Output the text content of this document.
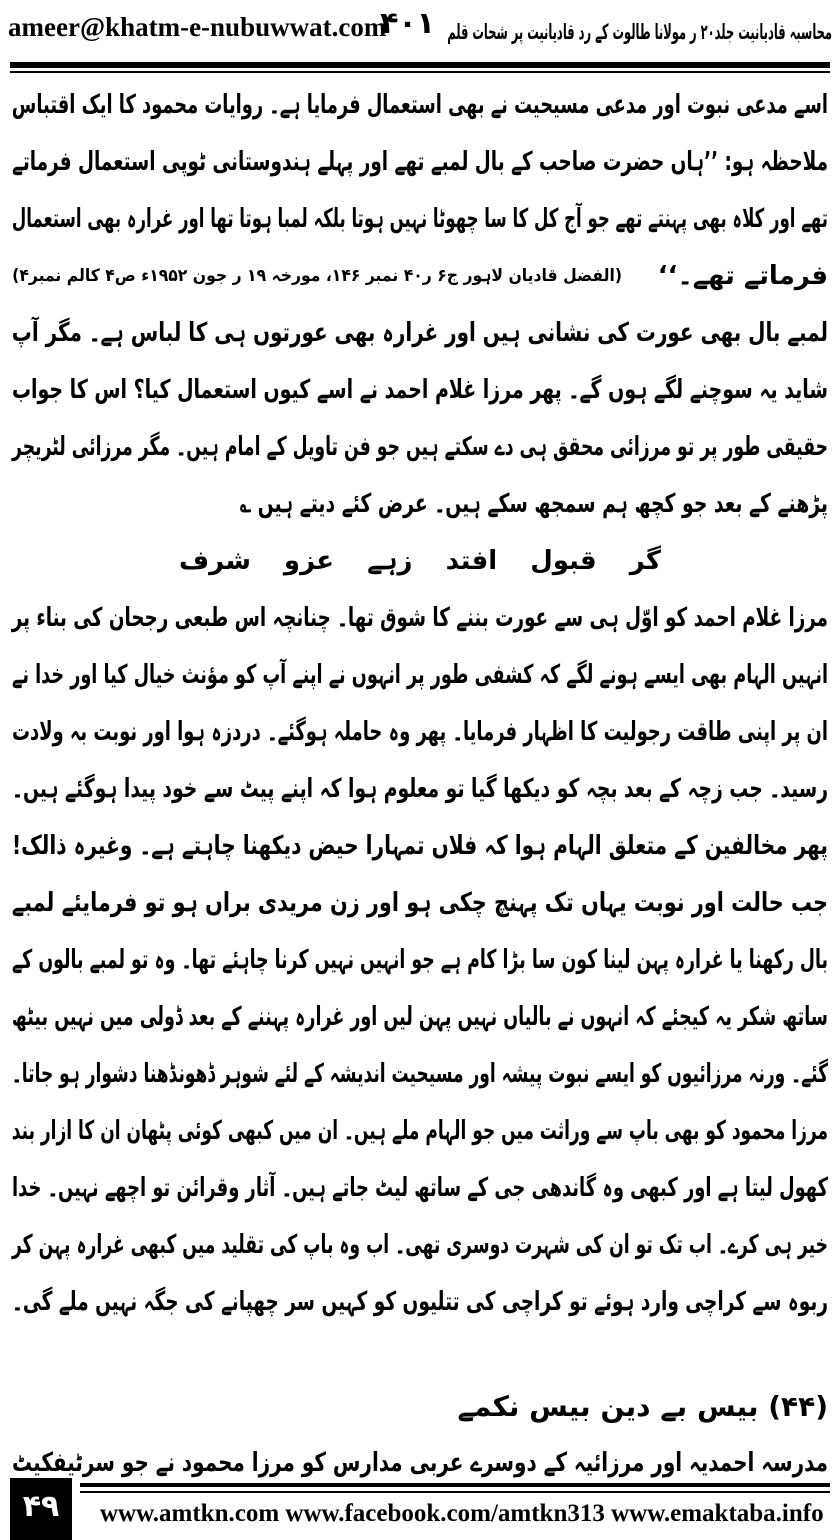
ameer@khatm-e-nubuwwat.com
۴۰۱ محاسبہ قادیانیت جلد۲۰ ر مولانا طالوت کے رد قادیانیت پر شحات قلم
اسے مدعی نبوت اور مدعی مسیحیت نے بھی استعمال فرمایا ہے۔ روایات محمود کا ایک اقتباس
ملاحظہ ہو: ’’ہاں حضرت صاحب کے بال لمبے تھے اور پہلے ہندوستانی ٹوپی استعمال فرماتے
تھے اور کلاہ بھی پہنتے تھے جو آج کل کا سا چھوٹا نہیں ہوتا بلکہ لمبا ہوتا تھا اور غرارہ بھی استعمال
فرماتے تھے۔‘‘
(الفضل قادیان لاہور ج۶ ر۴۰ نمبر ۱۴۶، مورخہ ۱۹ ر جون ۱۹۵۲ء ص۴ کالم نمبر۴)
لمبے بال بھی عورت کی نشانی ہیں اور غرارہ بھی عورتوں ہی کا لباس ہے۔ مگر آپ
شاید یہ سوچنے لگے ہوں گے۔ پھر مرزا غلام احمد نے اسے کیوں استعمال کیا؟ اس کا جواب
حقیقی طور پر تو مرزائی محقق ہی دے سکتے ہیں جو فن تاویل کے امام ہیں۔ مگر مرزائی لٹریچر
پڑھنے کے بعد جو کچھ ہم سمجھ سکے ہیں۔ عرض کئے دیتے ہیں ؎
گر قبول افتد زہے عزو شرف
مرزا غلام احمد کو اوّل ہی سے عورت بننے کا شوق تھا۔ چنانچہ اس طبعی رجحان کی بناء پر
انہیں الہام بھی ایسے ہونے لگے کہ کشفی طور پر انہوں نے اپنے آپ کو مؤنث خیال کیا اور خدا نے
ان پر اپنی طاقت رجولیت کا اظہار فرمایا۔ پھر وہ حاملہ ہوگئے۔ دردزہ ہوا اور نوبت بہ ولادت
رسید۔ جب زچہ کے بعد بچہ کو دیکھا گیا تو معلوم ہوا کہ اپنے پیٹ سے خود پیدا ہوگئے ہیں۔
پھر مخالفین کے متعلق الہام ہوا کہ فلاں تمہارا حیض دیکھنا چاہتے ہے۔ وغیرہ ذالک!
جب حالت اور نوبت یہاں تک پہنچ چکی ہو اور زن مریدی براں ہو تو فرمایئے لمبے
بال رکھنا یا غرارہ پہن لینا کون سا بڑا کام ہے جو انہیں نہیں کرنا چاہئے تھا۔ وہ تو لمبے بالوں کے
ساتھ شکر یہ کیجئے کہ انہوں نے بالیاں نہیں پہن لیں اور غرارہ پہننے کے بعد ڈولی میں نہیں بیٹھ
گئے۔ ورنہ مرزائیوں کو ایسے نبوت پیشہ اور مسیحیت اندیشہ کے لئے شوہر ڈھونڈھنا دشوار ہو جاتا۔
مرزا محمود کو بھی باپ سے وراثت میں جو الہام ملے ہیں۔ ان میں کبھی کوئی پٹھان ان کا ازار بند
کھول لیتا ہے اور کبھی وہ گاندھی جی کے ساتھ لیٹ جاتے ہیں۔ آثار وقرائن تو اچھے نہیں۔ خدا
خیر ہی کرے۔ اب تک تو ان کی شہرت دوسری تھی۔ اب وہ باپ کی تقلید میں کبھی غرارہ پہن کر
ربوہ سے کراچی وارد ہوئے تو کراچی کی تتلیوں کو کہیں سر چھپانے کی جگہ نہیں ملے گی۔
(۴۴) بیس بے دین بیس نکمے
مدرسہ احمدیہ اور مرزائیہ کے دوسرے عربی مدارس کو مرزا محمود نے جو سرٹیفکیٹ
۴۹	www.amtkn.com www.facebook.com/amtkn313 www.emaktaba.info
